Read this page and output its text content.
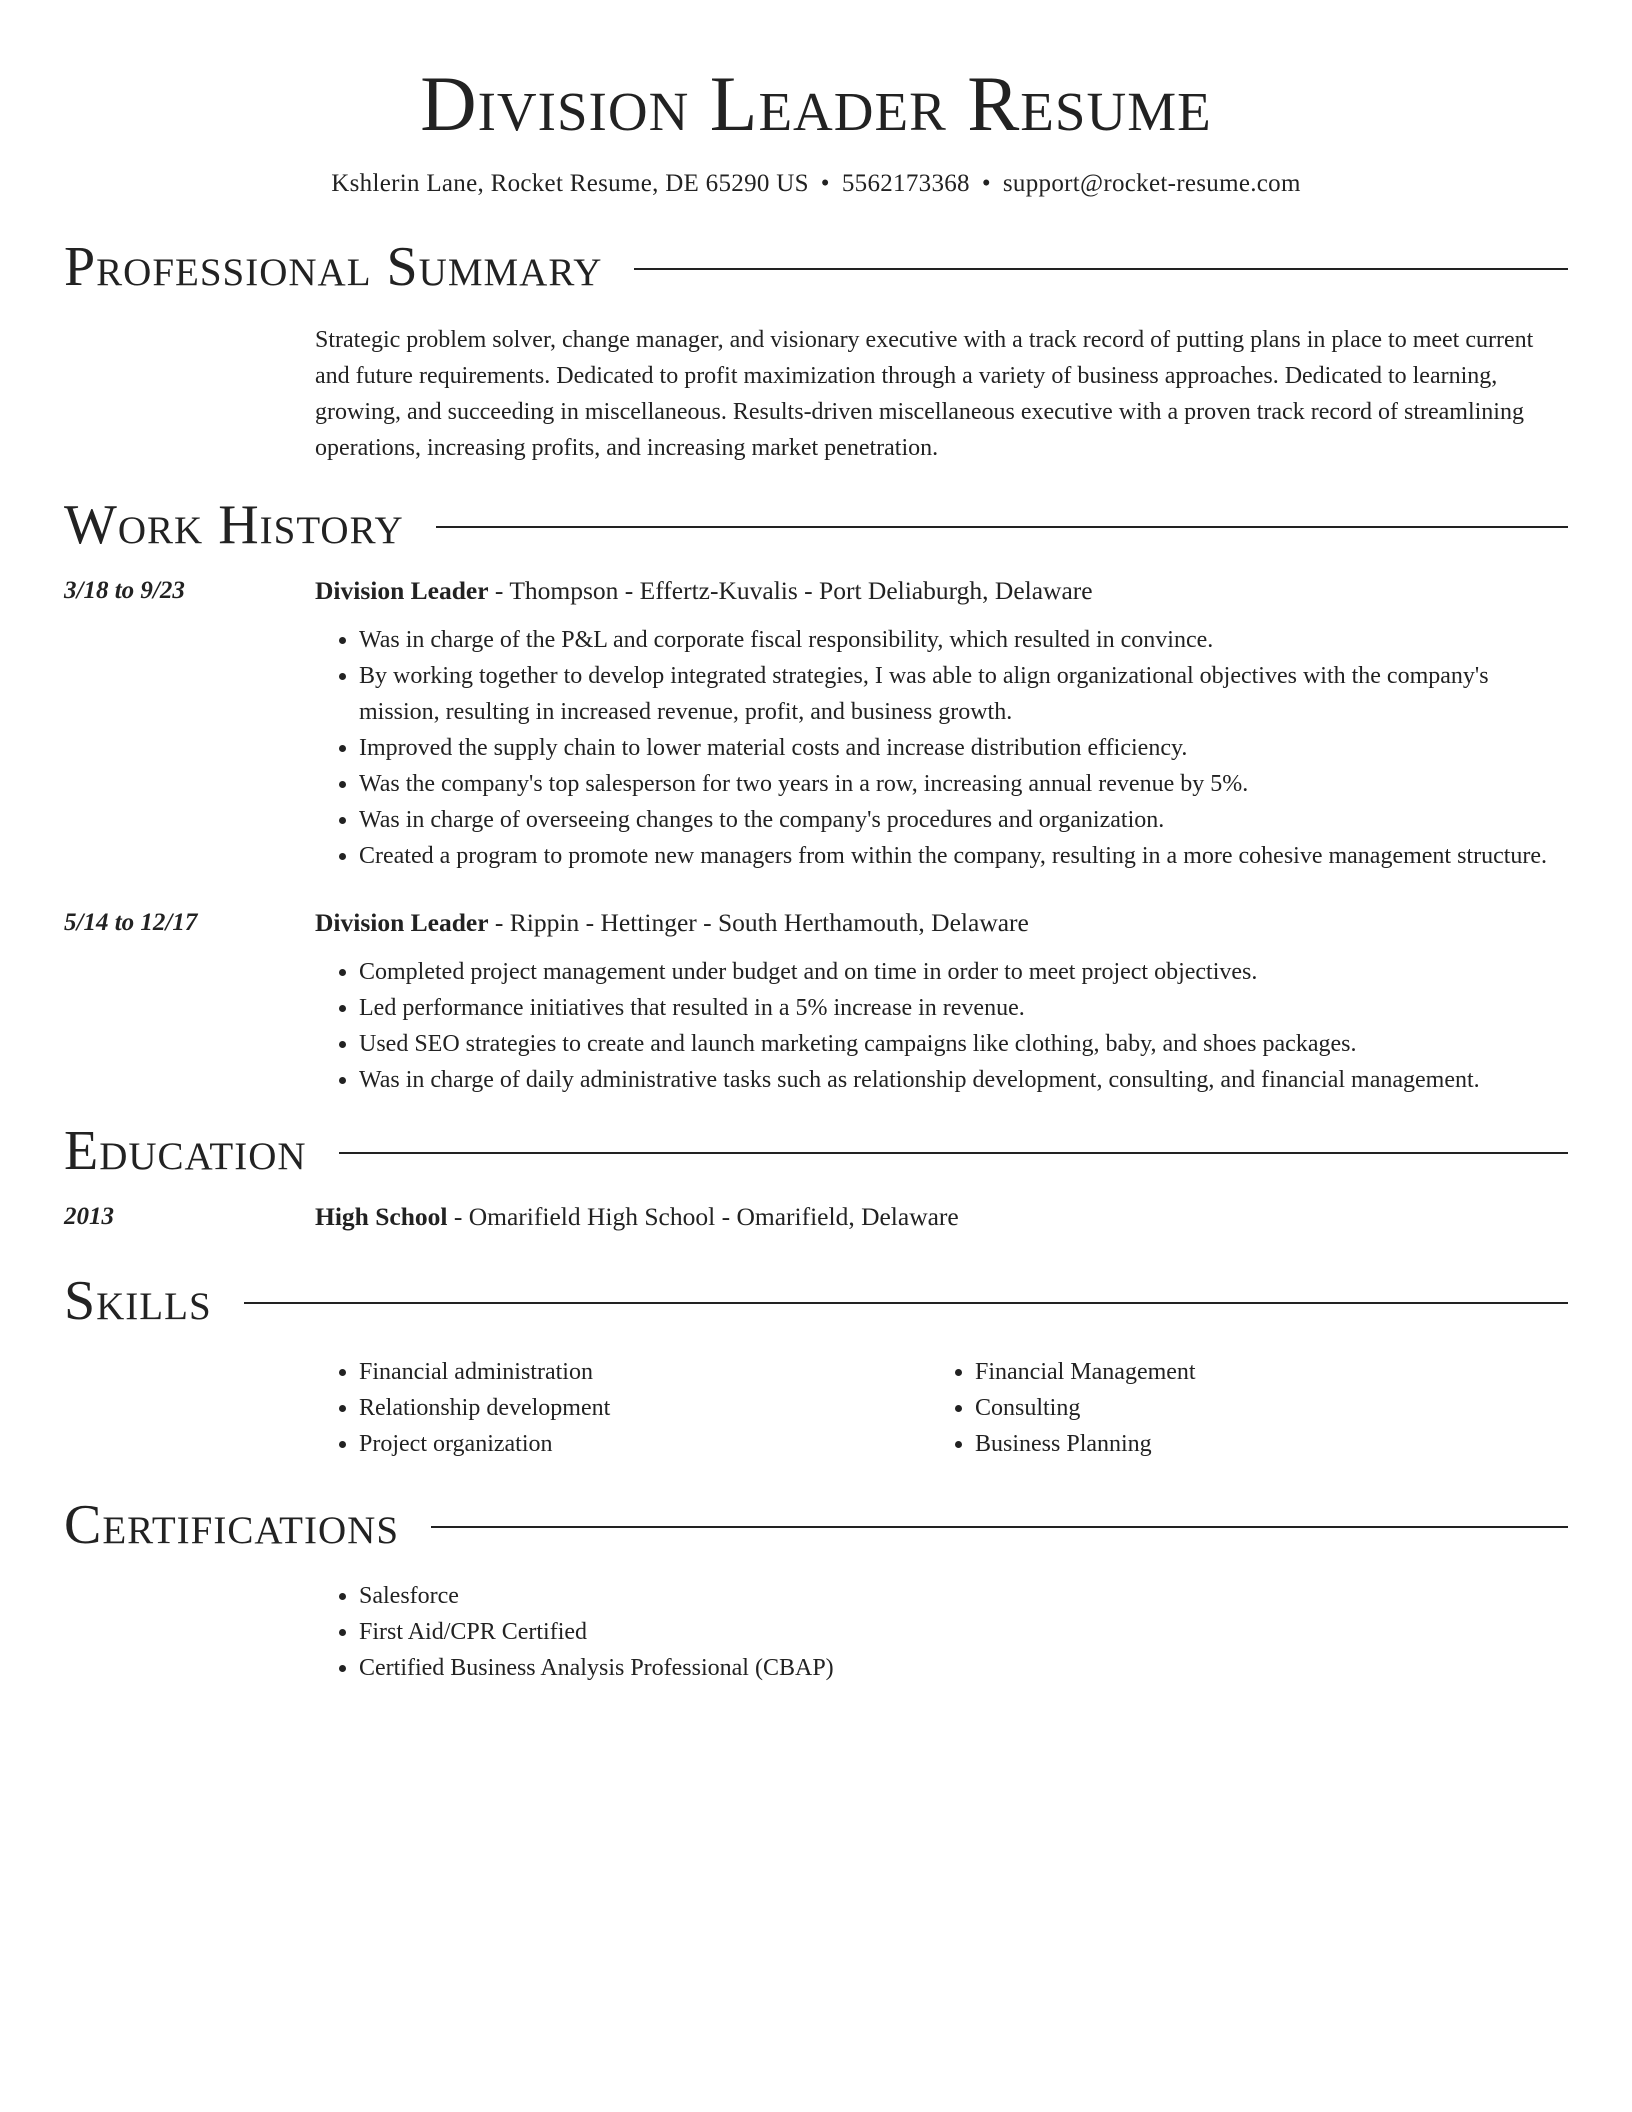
Division Leader Resume
Kshlerin Lane, Rocket Resume, DE 65290 US • 5562173368 • support@rocket-resume.com
Professional Summary
Strategic problem solver, change manager, and visionary executive with a track record of putting plans in place to meet current and future requirements. Dedicated to profit maximization through a variety of business approaches. Dedicated to learning, growing, and succeeding in miscellaneous. Results-driven miscellaneous executive with a proven track record of streamlining operations, increasing profits, and increasing market penetration.
Work History
3/18 to 9/23	Division Leader - Thompson - Effertz-Kuvalis - Port Deliaburgh, Delaware
• Was in charge of the P&L and corporate fiscal responsibility, which resulted in convince.
• By working together to develop integrated strategies, I was able to align organizational objectives with the company's mission, resulting in increased revenue, profit, and business growth.
• Improved the supply chain to lower material costs and increase distribution efficiency.
• Was the company's top salesperson for two years in a row, increasing annual revenue by 5%.
• Was in charge of overseeing changes to the company's procedures and organization.
• Created a program to promote new managers from within the company, resulting in a more cohesive management structure.
5/14 to 12/17	Division Leader - Rippin - Hettinger - South Herthamouth, Delaware
• Completed project management under budget and on time in order to meet project objectives.
• Led performance initiatives that resulted in a 5% increase in revenue.
• Used SEO strategies to create and launch marketing campaigns like clothing, baby, and shoes packages.
• Was in charge of daily administrative tasks such as relationship development, consulting, and financial management.
Education
2013	High School - Omarifield High School - Omarifield, Delaware
Skills
• Financial administration
• Relationship development
• Project organization
• Financial Management
• Consulting
• Business Planning
Certifications
• Salesforce
• First Aid/CPR Certified
• Certified Business Analysis Professional (CBAP)
